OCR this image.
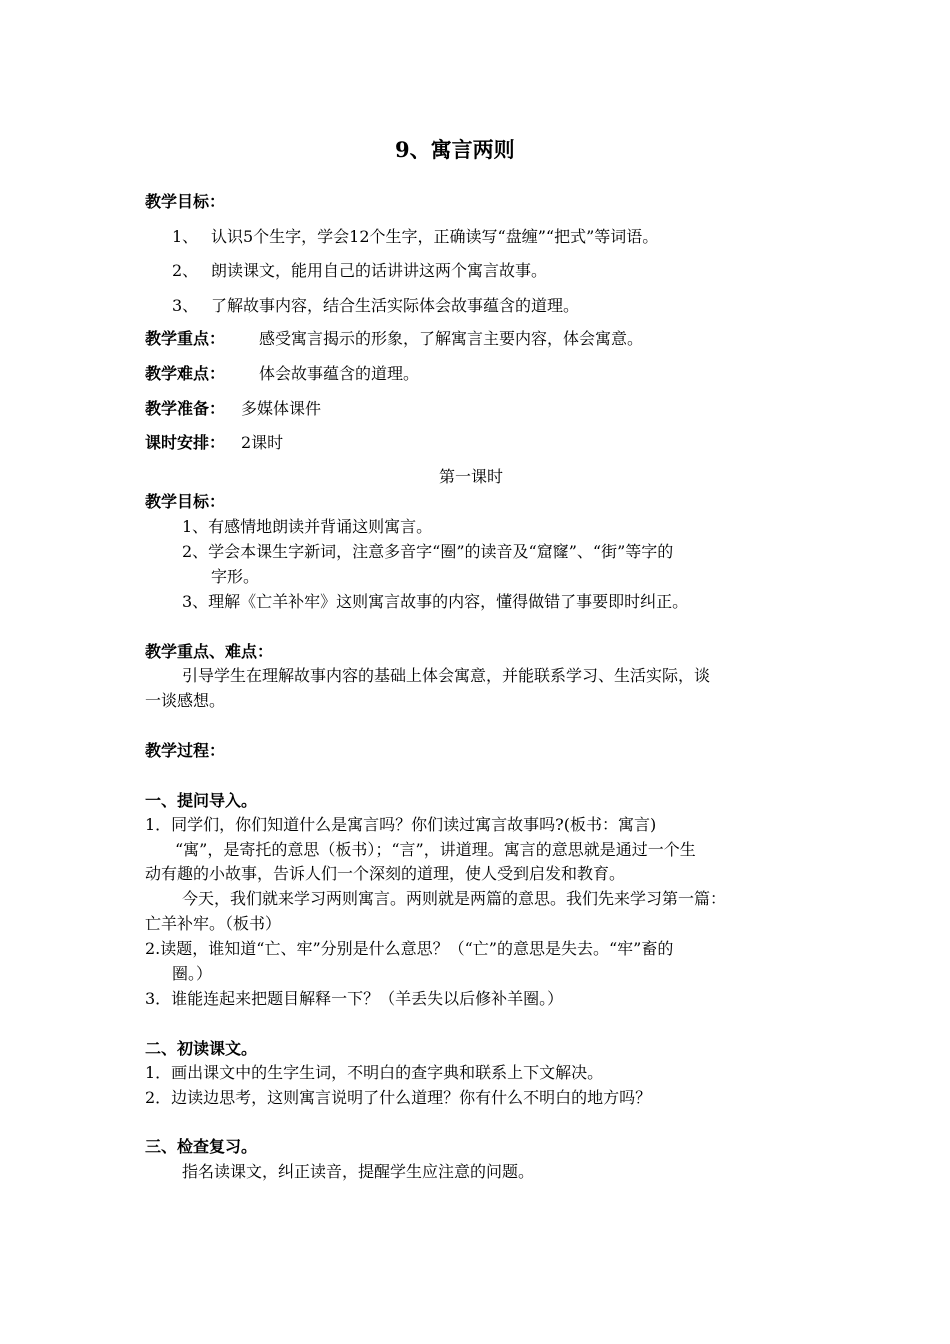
9、寓言两则
教学目标：
1、 认识5个生字，学会12个生字，正确读写“盘缠”“把式”等词语。
2、 朗读课文，能用自己的话讲讲这两个寓言故事。
3、 了解故事内容，结合生活实际体会故事蕴含的道理。
教学重点： 感受寓言揭示的形象，了解寓言主要内容，体会寓意。
教学难点： 体会故事蕴含的道理。
教学准备： 多媒体课件
课时安排： 2课时
第一课时
教学目标：
1、有感情地朗读并背诵这则寓言。
2、学会本课生字新词，注意多音字“圈”的读音及“窟窿”、“街”等字的
字形。
3、理解《亡羊补牢》这则寓言故事的内容，懂得做错了事要即时纠正。
教学重点、难点：
引导学生在理解故事内容的基础上体会寓意，并能联系学习、生活实际，谈
一谈感想。
教学过程：
一、提问导入。
1．同学们，你们知道什么是寓言吗？你们读过寓言故事吗?(板书：寓言)
“寓”，是寄托的意思（板书）；“言”，讲道理。寓言的意思就是通过一个生
动有趣的小故事，告诉人们一个深刻的道理，使人受到启发和教育。
今天，我们就来学习两则寓言。两则就是两篇的意思。我们先来学习第一篇：
亡羊补牢。（板书）
2.读题，谁知道“亡、牢”分别是什么意思？（“亡”的意思是失去。“牢”畜的
圈。）
3．谁能连起来把题目解释一下？（羊丢失以后修补羊圈。）
二、初读课文。
1．画出课文中的生字生词，不明白的查字典和联系上下文解决。
2．边读边思考，这则寓言说明了什么道理？你有什么不明白的地方吗？
三、检查复习。
指名读课文，纠正读音，提醒学生应注意的问题。
